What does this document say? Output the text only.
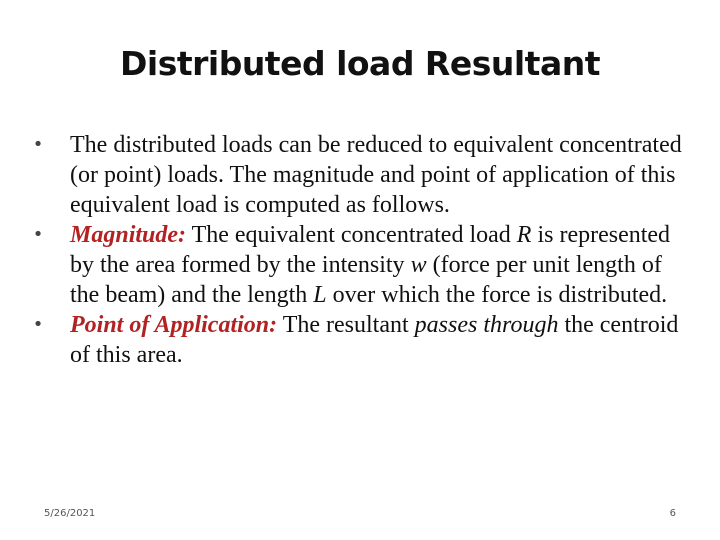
Distributed load Resultant
• The distributed loads can be reduced to equivalent concentrated (or point) loads. The magnitude and point of application of this equivalent load is computed as follows.
• Magnitude: The equivalent concentrated load R is represented by the area formed by the intensity w (force per unit length of the beam) and the length L over which the force is distributed.
• Point of Application: The resultant passes through the centroid of this area.
5/26/2021	6
